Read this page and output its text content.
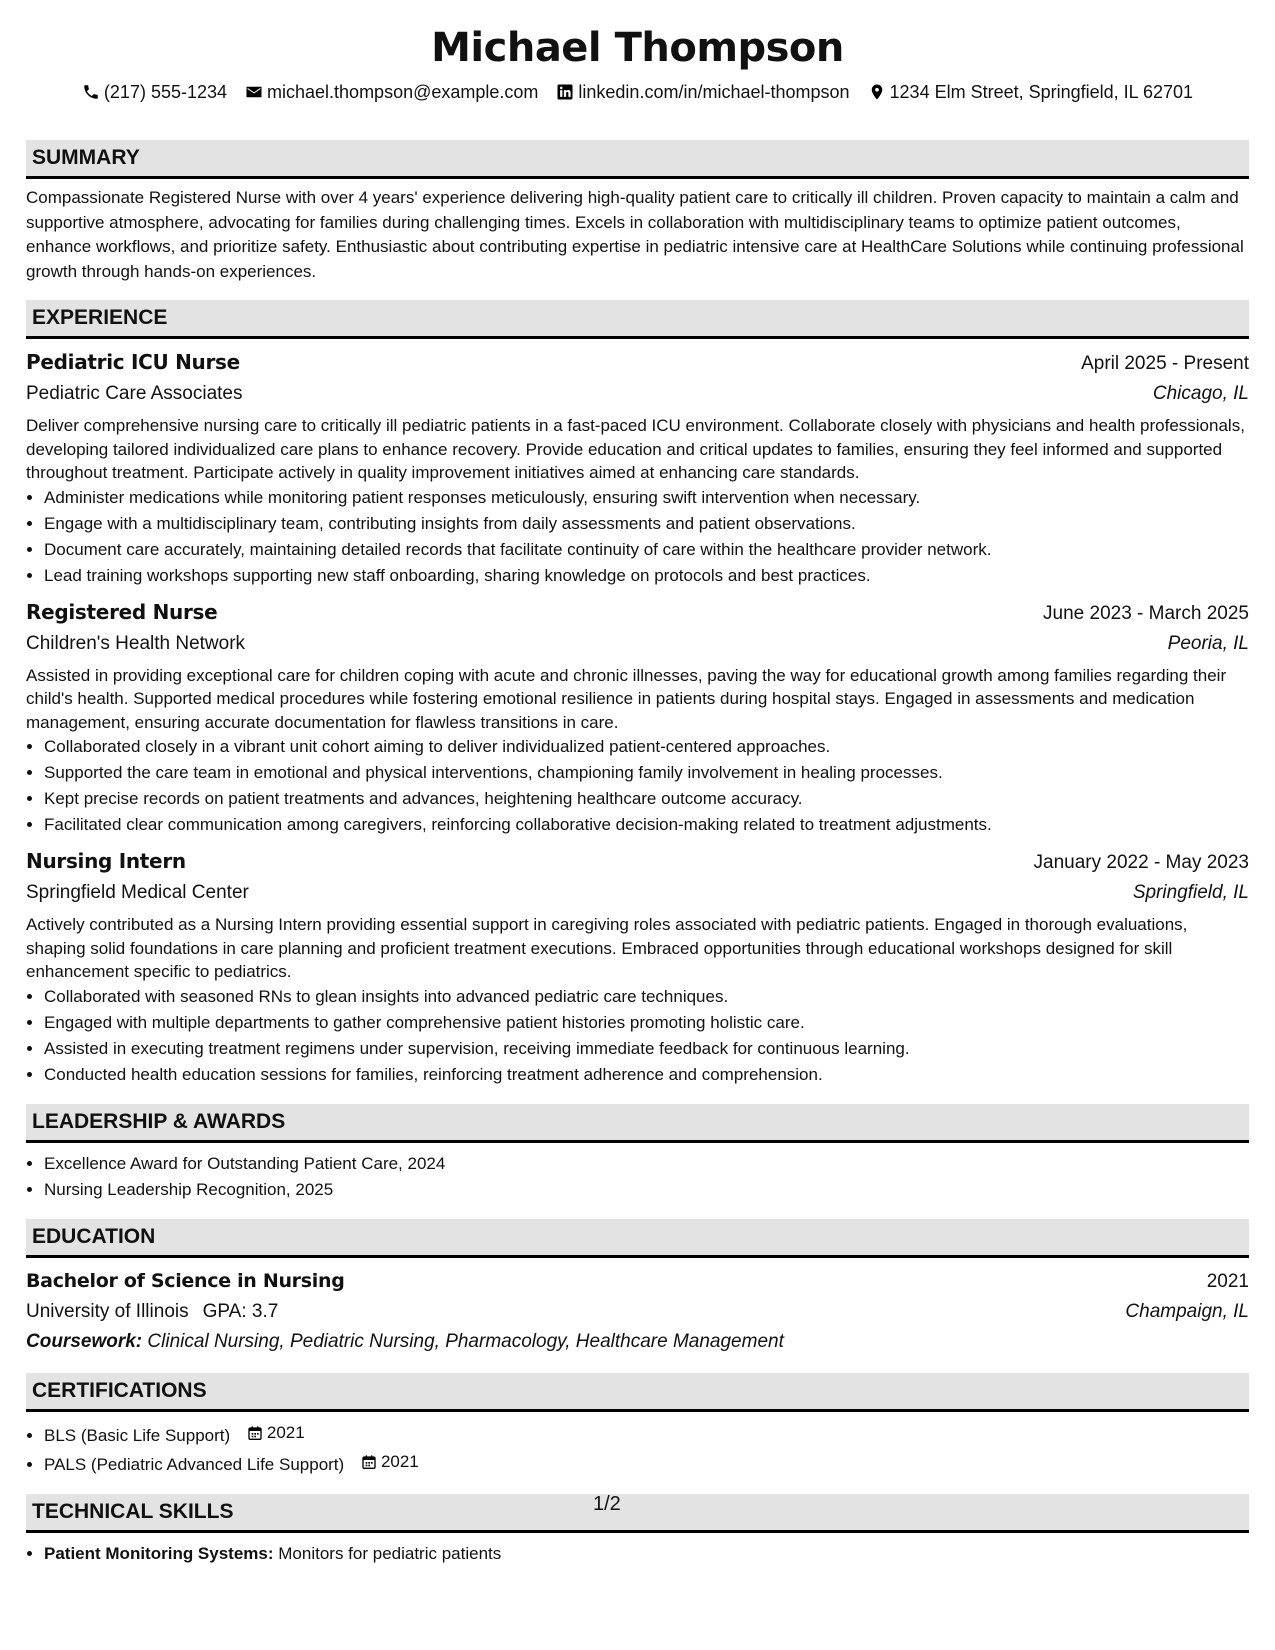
Michael Thompson
(217) 555-1234 michael.thompson@example.com linkedin.com/in/michael-thompson 1234 Elm Street, Springfield, IL 62701
SUMMARY
Compassionate Registered Nurse with over 4 years' experience delivering high-quality patient care to critically ill children. Proven capacity to maintain a calm and supportive atmosphere, advocating for families during challenging times. Excels in collaboration with multidisciplinary teams to optimize patient outcomes, enhance workflows, and prioritize safety. Enthusiastic about contributing expertise in pediatric intensive care at HealthCare Solutions while continuing professional growth through hands-on experiences.
EXPERIENCE
Pediatric ICU Nurse	April 2025 - Present
Pediatric Care Associates	Chicago, IL
Deliver comprehensive nursing care to critically ill pediatric patients in a fast-paced ICU environment. Collaborate closely with physicians and health professionals, developing tailored individualized care plans to enhance recovery. Provide education and critical updates to families, ensuring they feel informed and supported throughout treatment. Participate actively in quality improvement initiatives aimed at enhancing care standards.
• Administer medications while monitoring patient responses meticulously, ensuring swift intervention when necessary.
• Engage with a multidisciplinary team, contributing insights from daily assessments and patient observations.
• Document care accurately, maintaining detailed records that facilitate continuity of care within the healthcare provider network.
• Lead training workshops supporting new staff onboarding, sharing knowledge on protocols and best practices.
Registered Nurse	June 2023 - March 2025
Children's Health Network	Peoria, IL
Assisted in providing exceptional care for children coping with acute and chronic illnesses, paving the way for educational growth among families regarding their child's health. Supported medical procedures while fostering emotional resilience in patients during hospital stays. Engaged in assessments and medication management, ensuring accurate documentation for flawless transitions in care.
• Collaborated closely in a vibrant unit cohort aiming to deliver individualized patient-centered approaches.
• Supported the care team in emotional and physical interventions, championing family involvement in healing processes.
• Kept precise records on patient treatments and advances, heightening healthcare outcome accuracy.
• Facilitated clear communication among caregivers, reinforcing collaborative decision-making related to treatment adjustments.
Nursing Intern	January 2022 - May 2023
Springfield Medical Center	Springfield, IL
Actively contributed as a Nursing Intern providing essential support in caregiving roles associated with pediatric patients. Engaged in thorough evaluations, shaping solid foundations in care planning and proficient treatment executions. Embraced opportunities through educational workshops designed for skill enhancement specific to pediatrics.
• Collaborated with seasoned RNs to glean insights into advanced pediatric care techniques.
• Engaged with multiple departments to gather comprehensive patient histories promoting holistic care.
• Assisted in executing treatment regimens under supervision, receiving immediate feedback for continuous learning.
• Conducted health education sessions for families, reinforcing treatment adherence and comprehension.
LEADERSHIP & AWARDS
• Excellence Award for Outstanding Patient Care, 2024
• Nursing Leadership Recognition, 2025
EDUCATION
Bachelor of Science in Nursing	2021
University of Illinois GPA: 3.7	Champaign, IL
Coursework: Clinical Nursing, Pediatric Nursing, Pharmacology, Healthcare Management
CERTIFICATIONS
• BLS (Basic Life Support) 2021
• PALS (Pediatric Advanced Life Support) 2021
TECHNICAL SKILLS
• Patient Monitoring Systems: Monitors for pediatric patients
1/2
